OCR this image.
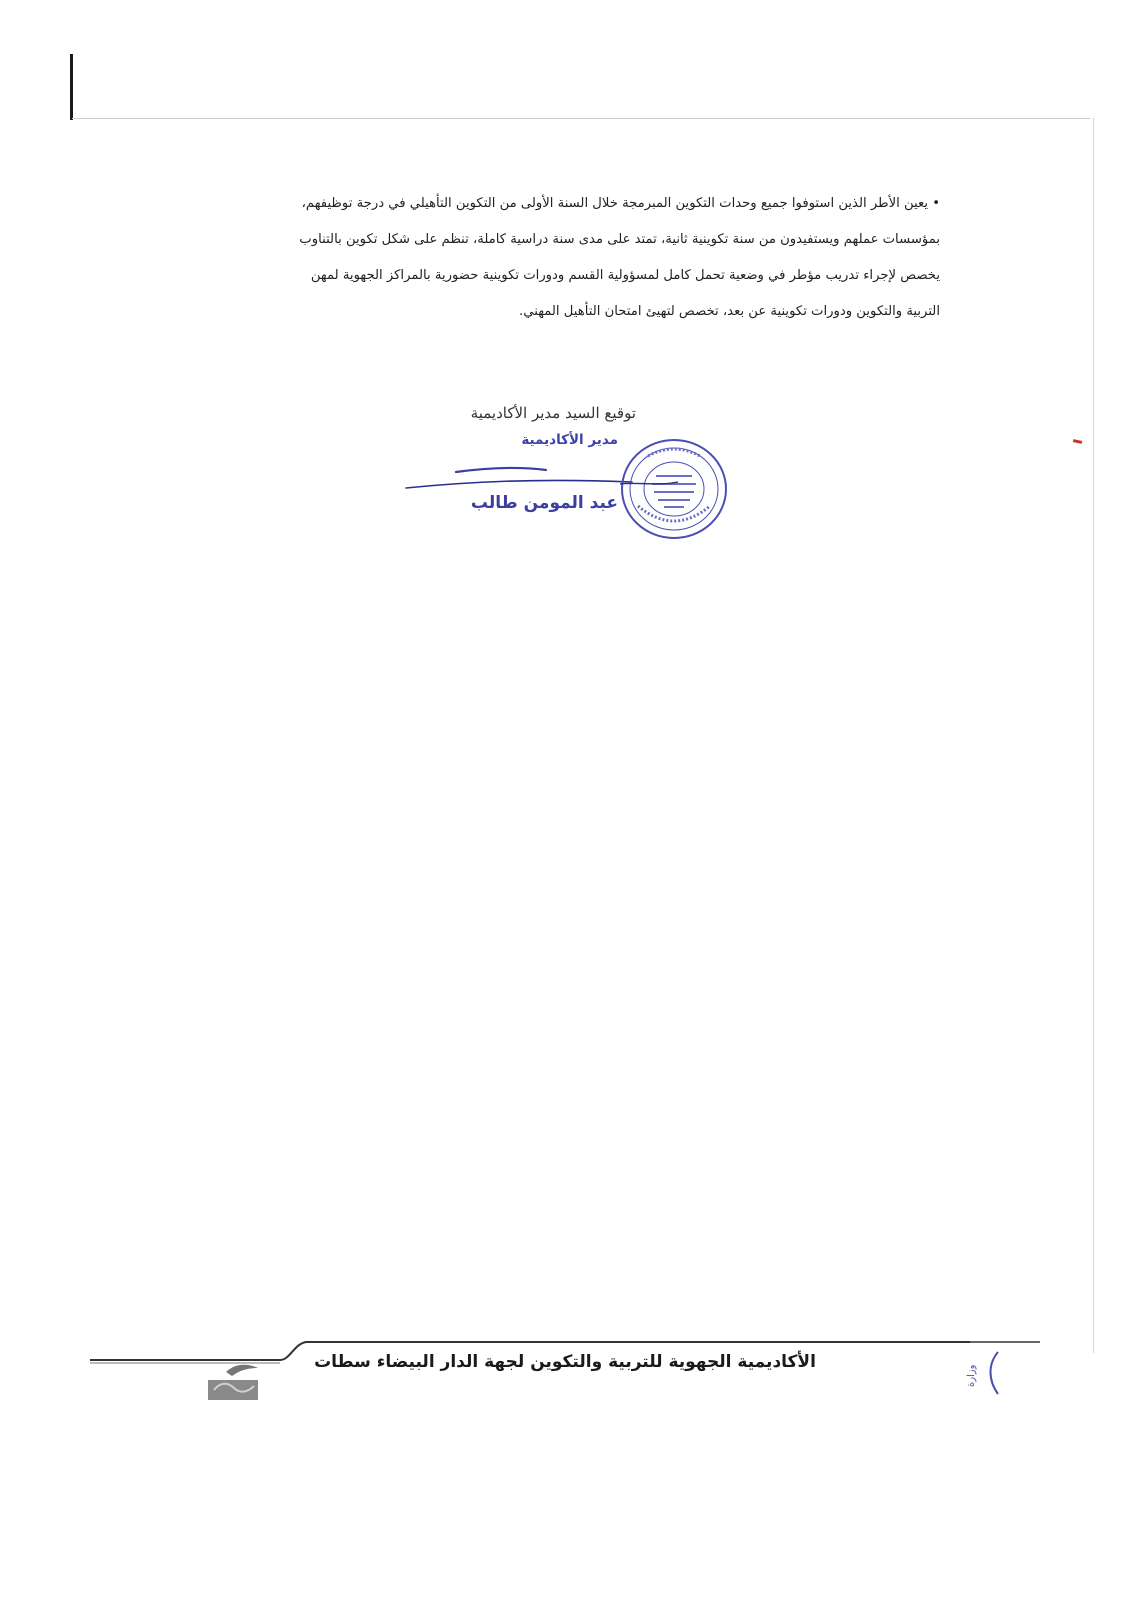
• يعين الأطر الذين استوفوا جميع وحدات التكوين المبرمجة خلال السنة الأولى من التكوين التأهيلي في درجة توظيفهم،
بمؤسسات عملهم ويستفيدون من سنة تكوينية ثانية، تمتد على مدى سنة دراسية كاملة، تنظم على شكل تكوين بالتناوب
يخصص لإجراء تدريب مؤطر في وضعية تحمل كامل لمسؤولية القسم ودورات تكوينية حضورية بالمراكز الجهوية لمهن
التربية والتكوين ودورات تكوينية عن بعد، تخصص لتهيئ امتحان التأهيل المهني.
توقيع السيد مدير الأكاديمية
مدير الأكاديمية
عبد المومن طالب
الأكاديمية الجهوية للتربية والتكوين لجهة الدار البيضاء سطات
وزارة
